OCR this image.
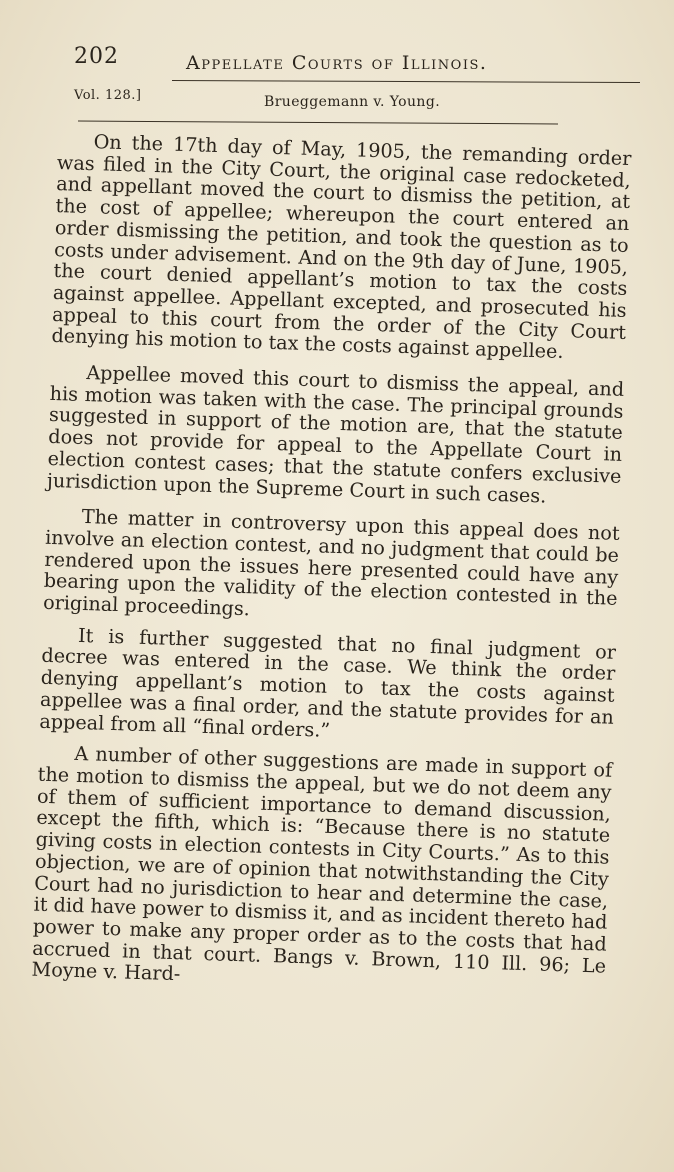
202	Appellate Courts of Illinois.
Vol. 128.]	Brueggemann v. Young.

On the 17th day of May, 1905, the remanding order was filed in the City Court, the original case redocketed, and appellant moved the court to dismiss the petition, at the cost of appellee; whereupon the court entered an order dismissing the petition, and took the question as to costs under advisement. And on the 9th day of June, 1905, the court denied appellant’s motion to tax the costs against appellee. Appellant excepted, and prosecuted his appeal to this court from the order of the City Court denying his motion to tax the costs against appellee.

Appellee moved this court to dismiss the appeal, and his motion was taken with the case. The principal grounds suggested in support of the motion are, that the statute does not provide for appeal to the Appellate Court in election contest cases; that the statute confers exclusive jurisdiction upon the Supreme Court in such cases.

The matter in controversy upon this appeal does not involve an election contest, and no judgment that could be rendered upon the issues here presented could have any bearing upon the validity of the election contested in the original proceedings.

It is further suggested that no final judgment or decree was entered in the case. We think the order denying appellant’s motion to tax the costs against appellee was a final order, and the statute provides for an appeal from all “final orders.”

A number of other suggestions are made in support of the motion to dismiss the appeal, but we do not deem any of them of sufficient importance to demand discussion, except the fifth, which is: “Because there is no statute giving costs in election contests in City Courts.” As to this objection, we are of opinion that notwithstanding the City Court had no jurisdiction to hear and determine the case, it did have power to dismiss it, and as incident thereto had power to make any proper order as to the costs that had accrued in that court. Bangs v. Brown, 110 Ill. 96; Le Moyne v. Hard-
